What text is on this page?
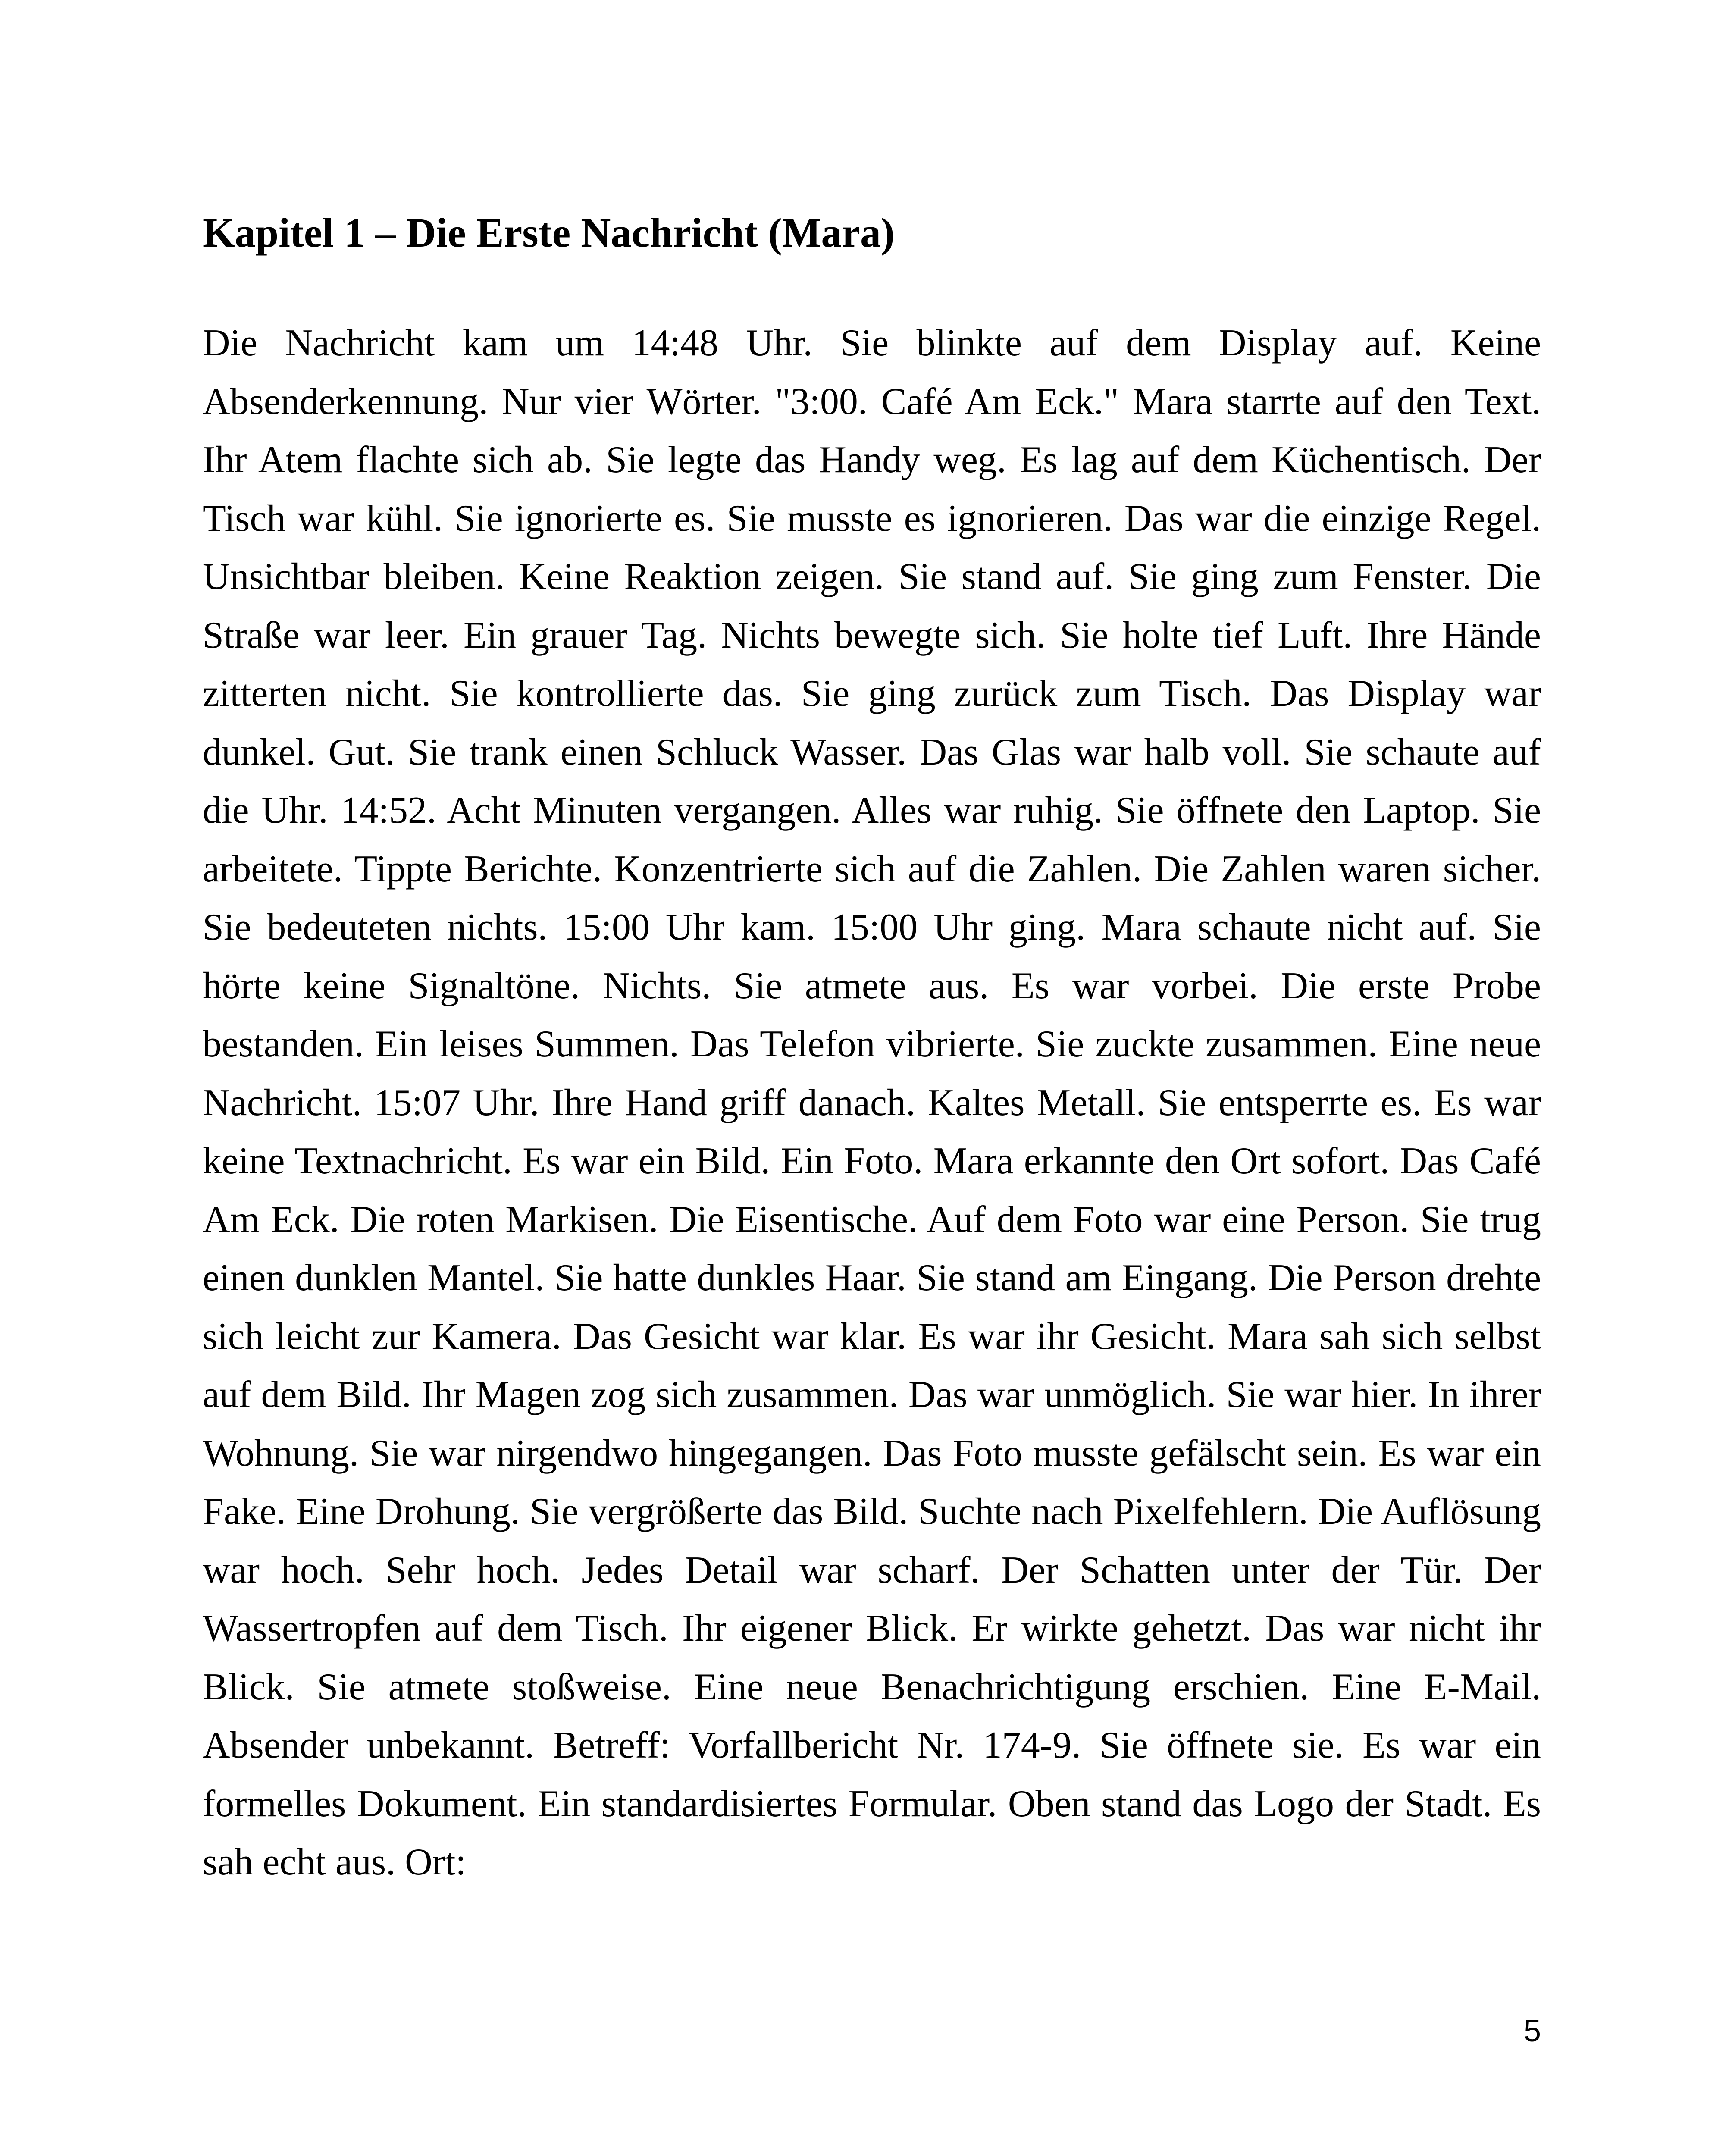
Kapitel 1 – Die Erste Nachricht (Mara)

Die Nachricht kam um 14:48 Uhr. Sie blinkte auf dem Display auf. Keine Absenderkennung. Nur vier Wörter. "3:00. Café Am Eck." Mara starrte auf den Text. Ihr Atem flachte sich ab. Sie legte das Handy weg. Es lag auf dem Küchentisch. Der Tisch war kühl. Sie ignorierte es. Sie musste es ignorieren. Das war die einzige Regel. Unsichtbar bleiben. Keine Reaktion zeigen. Sie stand auf. Sie ging zum Fenster. Die Straße war leer. Ein grauer Tag. Nichts bewegte sich. Sie holte tief Luft. Ihre Hände zitterten nicht. Sie kontrollierte das. Sie ging zurück zum Tisch. Das Display war dunkel. Gut. Sie trank einen Schluck Wasser. Das Glas war halb voll. Sie schaute auf die Uhr. 14:52. Acht Minuten vergangen. Alles war ruhig. Sie öffnete den Laptop. Sie arbeitete. Tippte Berichte. Konzentrierte sich auf die Zahlen. Die Zahlen waren sicher. Sie bedeuteten nichts. 15:00 Uhr kam. 15:00 Uhr ging. Mara schaute nicht auf. Sie hörte keine Signaltöne. Nichts. Sie atmete aus. Es war vorbei. Die erste Probe bestanden. Ein leises Summen. Das Telefon vibrierte. Sie zuckte zusammen. Eine neue Nachricht. 15:07 Uhr. Ihre Hand griff danach. Kaltes Metall. Sie entsperrte es. Es war keine Textnachricht. Es war ein Bild. Ein Foto. Mara erkannte den Ort sofort. Das Café Am Eck. Die roten Markisen. Die Eisentische. Auf dem Foto war eine Person. Sie trug einen dunklen Mantel. Sie hatte dunkles Haar. Sie stand am Eingang. Die Person drehte sich leicht zur Kamera. Das Gesicht war klar. Es war ihr Gesicht. Mara sah sich selbst auf dem Bild. Ihr Magen zog sich zusammen. Das war unmöglich. Sie war hier. In ihrer Wohnung. Sie war nirgendwo hingegangen. Das Foto musste gefälscht sein. Es war ein Fake. Eine Drohung. Sie vergrößerte das Bild. Suchte nach Pixelfehlern. Die Auflösung war hoch. Sehr hoch. Jedes Detail war scharf. Der Schatten unter der Tür. Der Wassertropfen auf dem Tisch. Ihr eigener Blick. Er wirkte gehetzt. Das war nicht ihr Blick. Sie atmete stoßweise. Eine neue Benachrichtigung erschien. Eine E-Mail. Absender unbekannt. Betreff: Vorfallbericht Nr. 174-9. Sie öffnete sie. Es war ein formelles Dokument. Ein standardisiertes Formular. Oben stand das Logo der Stadt. Es sah echt aus. Ort:

5
